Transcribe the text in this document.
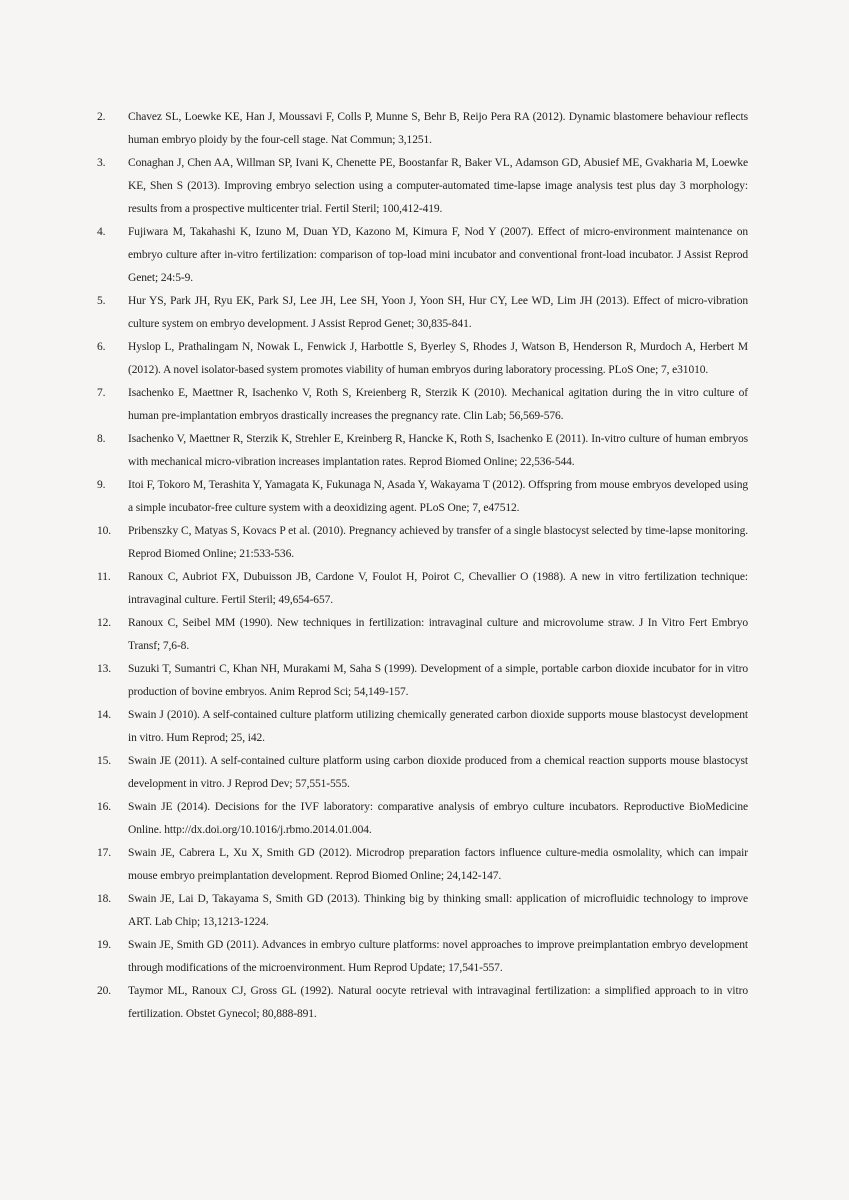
2. Chavez SL, Loewke KE, Han J, Moussavi F, Colls P, Munne S, Behr B, Reijo Pera RA (2012). Dynamic blastomere behaviour reflects human embryo ploidy by the four-cell stage. Nat Commun; 3,1251.
3. Conaghan J, Chen AA, Willman SP, Ivani K, Chenette PE, Boostanfar R, Baker VL, Adamson GD, Abusief ME, Gvakharia M, Loewke KE, Shen S (2013). Improving embryo selection using a computer-automated time-lapse image analysis test plus day 3 morphology: results from a prospective multicenter trial. Fertil Steril; 100,412-419.
4. Fujiwara M, Takahashi K, Izuno M, Duan YD, Kazono M, Kimura F, Nod Y (2007). Effect of micro-environment maintenance on embryo culture after in-vitro fertilization: comparison of top-load mini incubator and conventional front-load incubator. J Assist Reprod Genet; 24:5-9.
5. Hur YS, Park JH, Ryu EK, Park SJ, Lee JH, Lee SH, Yoon J, Yoon SH, Hur CY, Lee WD, Lim JH (2013). Effect of micro-vibration culture system on embryo development. J Assist Reprod Genet; 30,835-841.
6. Hyslop L, Prathalingam N, Nowak L, Fenwick J, Harbottle S, Byerley S, Rhodes J, Watson B, Henderson R, Murdoch A, Herbert M (2012). A novel isolator-based system promotes viability of human embryos during laboratory processing. PLoS One; 7, e31010.
7. Isachenko E, Maettner R, Isachenko V, Roth S, Kreienberg R, Sterzik K (2010). Mechanical agitation during the in vitro culture of human pre-implantation embryos drastically increases the pregnancy rate. Clin Lab; 56,569-576.
8. Isachenko V, Maettner R, Sterzik K, Strehler E, Kreinberg R, Hancke K, Roth S, Isachenko E (2011). In-vitro culture of human embryos with mechanical micro-vibration increases implantation rates. Reprod Biomed Online; 22,536-544.
9. Itoi F, Tokoro M, Terashita Y, Yamagata K, Fukunaga N, Asada Y, Wakayama T (2012). Offspring from mouse embryos developed using a simple incubator-free culture system with a deoxidizing agent. PLoS One; 7, e47512.
10. Pribenszky C, Matyas S, Kovacs P et al. (2010). Pregnancy achieved by transfer of a single blastocyst selected by time-lapse monitoring. Reprod Biomed Online; 21:533-536.
11. Ranoux C, Aubriot FX, Dubuisson JB, Cardone V, Foulot H, Poirot C, Chevallier O (1988). A new in vitro fertilization technique: intravaginal culture. Fertil Steril; 49,654-657.
12. Ranoux C, Seibel MM (1990). New techniques in fertilization: intravaginal culture and microvolume straw. J In Vitro Fert Embryo Transf; 7,6-8.
13. Suzuki T, Sumantri C, Khan NH, Murakami M, Saha S (1999). Development of a simple, portable carbon dioxide incubator for in vitro production of bovine embryos. Anim Reprod Sci; 54,149-157.
14. Swain J (2010). A self-contained culture platform utilizing chemically generated carbon dioxide supports mouse blastocyst development in vitro. Hum Reprod; 25, i42.
15. Swain JE (2011). A self-contained culture platform using carbon dioxide produced from a chemical reaction supports mouse blastocyst development in vitro. J Reprod Dev; 57,551-555.
16. Swain JE (2014). Decisions for the IVF laboratory: comparative analysis of embryo culture incubators. Reproductive BioMedicine Online. http://dx.doi.org/10.1016/j.rbmo.2014.01.004.
17. Swain JE, Cabrera L, Xu X, Smith GD (2012). Microdrop preparation factors influence culture-media osmolality, which can impair mouse embryo preimplantation development. Reprod Biomed Online; 24,142-147.
18. Swain JE, Lai D, Takayama S, Smith GD (2013). Thinking big by thinking small: application of microfluidic technology to improve ART. Lab Chip; 13,1213-1224.
19. Swain JE, Smith GD (2011). Advances in embryo culture platforms: novel approaches to improve preimplantation embryo development through modifications of the microenvironment. Hum Reprod Update; 17,541-557.
20. Taymor ML, Ranoux CJ, Gross GL (1992). Natural oocyte retrieval with intravaginal fertilization: a simplified approach to in vitro fertilization. Obstet Gynecol; 80,888-891.
